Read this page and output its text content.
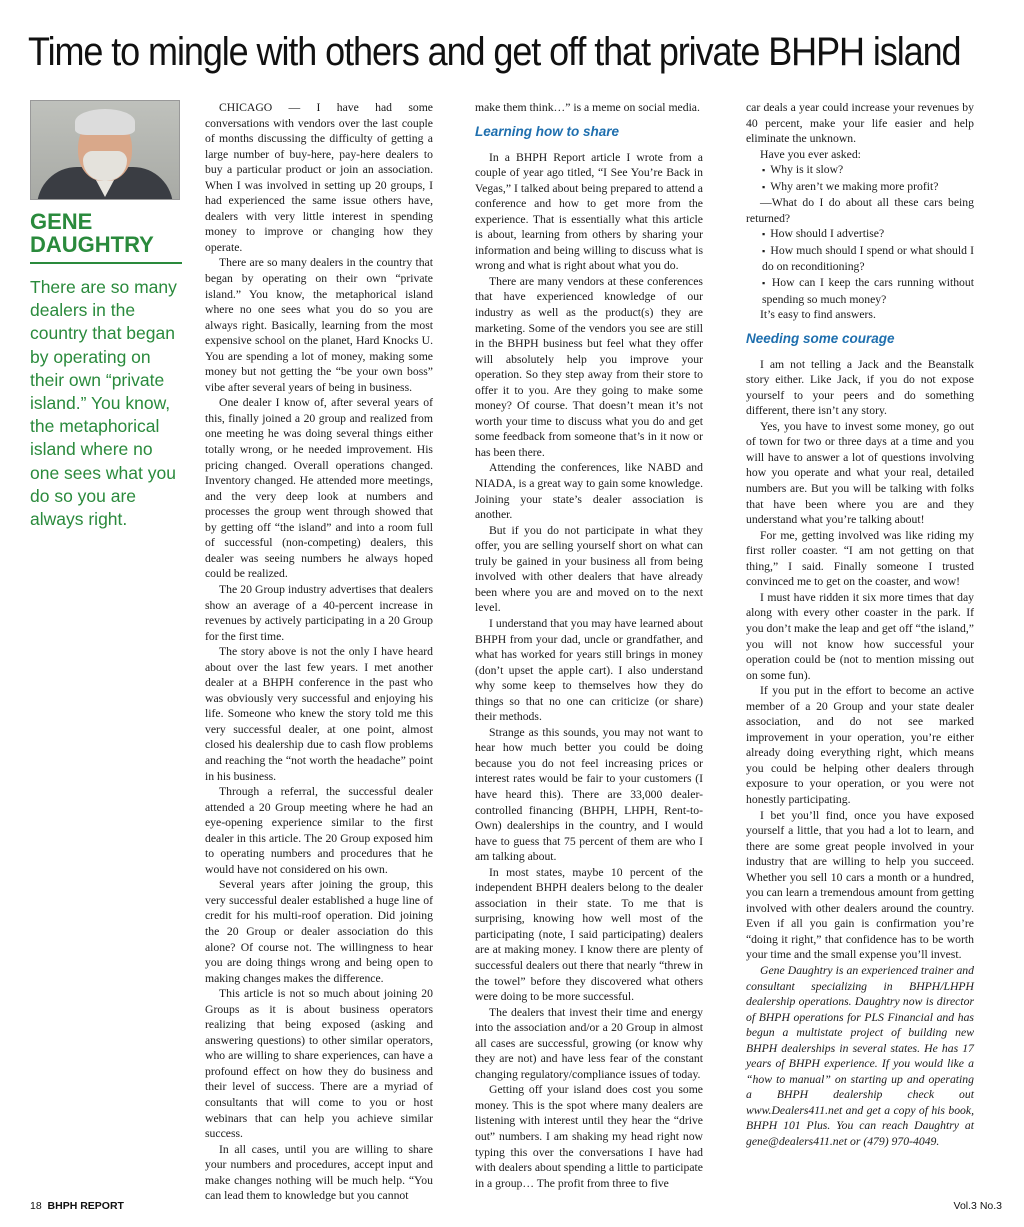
Time to mingle with others and get off that private BHPH island
GENE
DAUGHTRY
There are so many dealers in the country that began by operating on their own “private island.” You know, the metaphorical island where no one sees what you do so you are always right.

CHICAGO — I have had some conversations with vendors over the last couple of months discussing the difficulty of getting a large number of buy-here, pay-here dealers to buy a particular product or join an association. When I was involved in setting up 20 groups, I had experienced the same issue others have, dealers with very little interest in spending money to improve or changing how they operate.

There are so many dealers in the country that began by operating on their own “private island.” You know, the metaphorical island where no one sees what you do so you are always right. Basically, learning from the most expensive school on the planet, Hard Knocks U. You are spending a lot of money, making some money but not getting the “be your own boss” vibe after several years of being in business.

One dealer I know of, after several years of this, finally joined a 20 group and realized from one meeting he was doing several things either totally wrong, or he needed improvement. His pricing changed. Overall operations changed. Inventory changed. He attended more meetings, and the very deep look at numbers and processes the group went through showed that by getting off “the island” and into a room full of successful (non-competing) dealers, this dealer was seeing numbers he always hoped could be realized.

The 20 Group industry advertises that dealers show an average of a 40-percent increase in revenues by actively participating in a 20 Group for the first time.

The story above is not the only I have heard about over the last few years. I met another dealer at a BHPH conference in the past who was obviously very successful and enjoying his life. Someone who knew the story told me this very successful dealer, at one point, almost closed his dealership due to cash flow problems and reaching the “not worth the headache” point in his business.

Through a referral, the successful dealer attended a 20 Group meeting where he had an eye-opening experience similar to the first dealer in this article. The 20 Group exposed him to operating numbers and procedures that he would have not considered on his own.

Several years after joining the group, this very successful dealer established a huge line of credit for his multi-roof operation. Did joining the 20 Group or dealer association do this alone? Of course not. The willingness to hear you are doing things wrong and being open to making changes makes the difference.

This article is not so much about joining 20 Groups as it is about business operators realizing that being exposed (asking and answering questions) to other similar operators, who are willing to share experiences, can have a profound effect on how they do business and their level of success. There are a myriad of consultants that will come to you or host webinars that can help you achieve similar success.

In all cases, until you are willing to share your numbers and procedures, accept input and make changes nothing will be much help. “You can lead them to knowledge but you cannot

make them think…” is a meme on social media.

Learning how to share

In a BHPH Report article I wrote from a couple of year ago titled, “I See You’re Back in Vegas,” I talked about being prepared to attend a conference and how to get more from the experience. That is essentially what this article is about, learning from others by sharing your information and being willing to discuss what is wrong and what is right about what you do.

There are many vendors at these conferences that have experienced knowledge of our industry as well as the product(s) they are marketing. Some of the vendors you see are still in the BHPH business but feel what they offer will absolutely help you improve your operation. So they step away from their store to offer it to you. Are they going to make some money? Of course. That doesn’t mean it’s not worth your time to discuss what you do and get some feedback from someone that’s in it now or has been there.

Attending the conferences, like NABD and NIADA, is a great way to gain some knowledge. Joining your state’s dealer association is another.

But if you do not participate in what they offer, you are selling yourself short on what can truly be gained in your business all from being involved with other dealers that have already been where you are and moved on to the next level.

I understand that you may have learned about BHPH from your dad, uncle or grandfather, and what has worked for years still brings in money (don’t upset the apple cart). I also understand why some keep to themselves how they do things so that no one can criticize (or share) their methods.

Strange as this sounds, you may not want to hear how much better you could be doing because you do not feel increasing prices or interest rates would be fair to your customers (I have heard this). There are 33,000 dealer-controlled financing (BHPH, LHPH, Rent-to-Own) dealerships in the country, and I would have to guess that 75 percent of them are who I am talking about.

In most states, maybe 10 percent of the independent BHPH dealers belong to the dealer association in their state. To me that is surprising, knowing how well most of the participating (note, I said participating) dealers are at making money. I know there are plenty of successful dealers out there that nearly “threw in the towel” before they discovered what others were doing to be more successful.

The dealers that invest their time and energy into the association and/or a 20 Group in almost all cases are successful, growing (or know why they are not) and have less fear of the constant changing regulatory/compliance issues of today.

Getting off your island does cost you some money. This is the spot where many dealers are listening with interest until they hear the “drive out” numbers. I am shaking my head right now typing this over the conversations I have had with dealers about spending a little to participate in a group… The profit from three to five

car deals a year could increase your revenues by 40 percent, make your life easier and help eliminate the unknown.

Have you ever asked:

▪ Why is it slow?

▪ Why aren’t we making more profit?

—What do I do about all these cars being returned?

▪ How should I advertise?

▪ How much should I spend or what should I do on reconditioning?

▪ How can I keep the cars running without spending so much money?

It’s easy to find answers.

Needing some courage

I am not telling a Jack and the Beanstalk story either. Like Jack, if you do not expose yourself to your peers and do something different, there isn’t any story.

Yes, you have to invest some money, go out of town for two or three days at a time and you will have to answer a lot of questions involving how you operate and what your real, detailed numbers are. But you will be talking with folks that have been where you are and they understand what you’re talking about!

For me, getting involved was like riding my first roller coaster. “I am not getting on that thing,” I said. Finally someone I trusted convinced me to get on the coaster, and wow!

I must have ridden it six more times that day along with every other coaster in the park. If you don’t make the leap and get off “the island,” you will not know how successful your operation could be (not to mention missing out on some fun).

If you put in the effort to become an active member of a 20 Group and your state dealer association, and do not see marked improvement in your operation, you’re either already doing everything right, which means you could be helping other dealers through exposure to your operation, or you were not honestly participating.

I bet you’ll find, once you have exposed yourself a little, that you had a lot to learn, and there are some great people involved in your industry that are willing to help you succeed. Whether you sell 10 cars a month or a hundred, you can learn a tremendous amount from getting involved with other dealers around the country. Even if all you gain is confirmation you’re “doing it right,” that confidence has to be worth your time and the small expense you’ll invest.

Gene Daughtry is an experienced trainer and consultant specializing in BHPH/LHPH dealership operations. Daughtry now is director of BHPH operations for PLS Financial and has begun a multistate project of building new BHPH dealerships in several states. He has 17 years of BHPH experience. If you would like a “how to manual” on starting up and operating a BHPH dealership check out www.Dealers411.net and get a copy of his book, BHPH 101 Plus. You can reach Daughtry at gene@dealers411.net or (479) 970-4049.

18 BHPH REPORT	Vol.3 No.3
